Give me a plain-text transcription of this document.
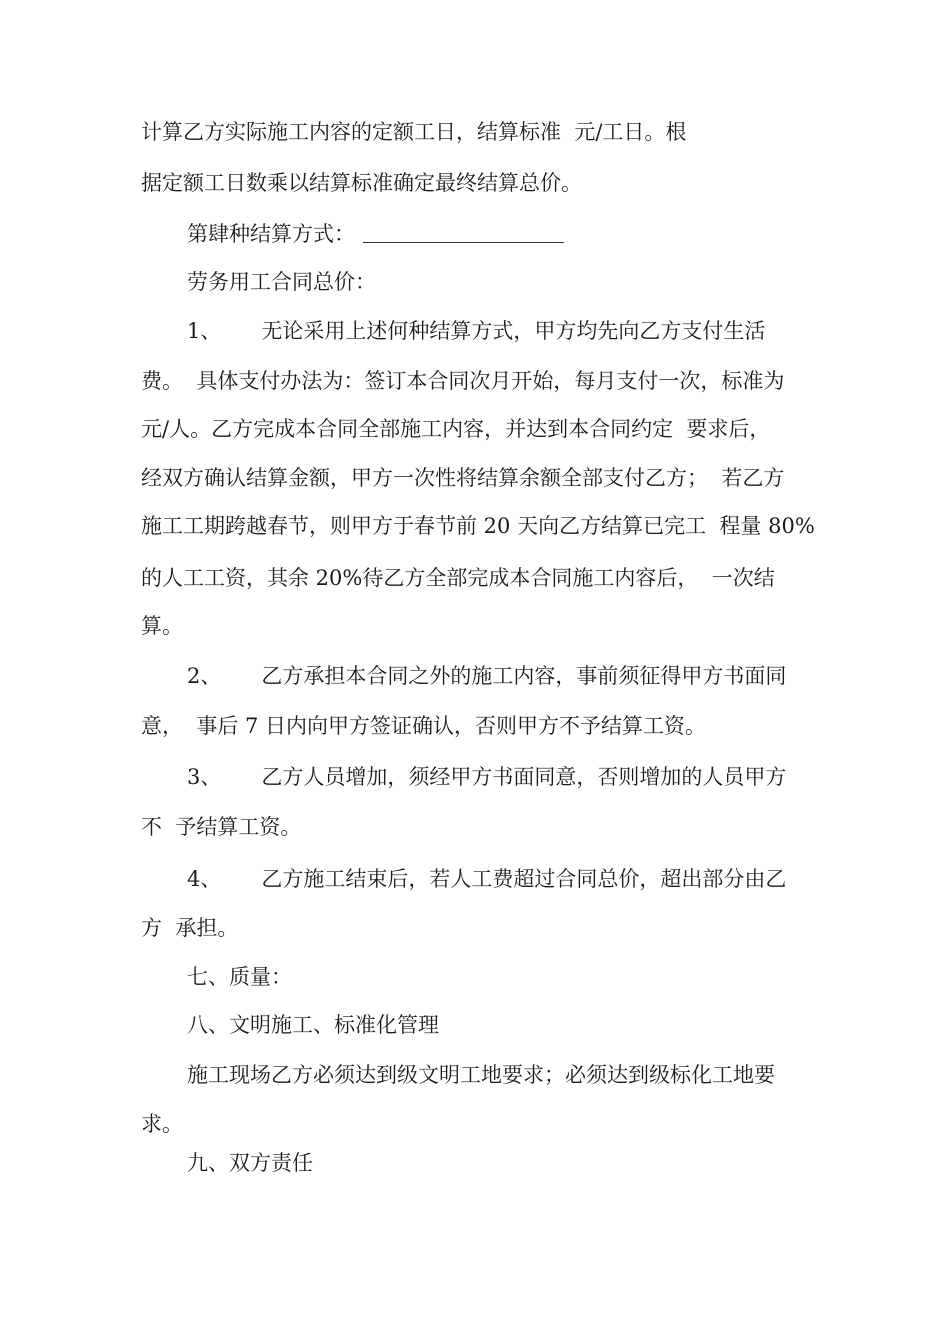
计算乙方实际施工内容的定额工日，结算标准  元/工日。根

据定额工日数乘以结算标准确定最终结算总价。

第肆种结算方式：

劳务用工合同总价：

1、      无论采用上述何种结算方式，甲方均先向乙方支付生活

费。  具体支付办法为：签订本合同次月开始，每月支付一次，标准为

元/人。乙方完成本合同全部施工内容，并达到本合同约定  要求后，

经双方确认结算金额，甲方一次性将结算余额全部支付乙方；  若乙方

施工工期跨越春节，则甲方于春节前 20 天向乙方结算已完工  程量 80%

的人工工资，其余 20%待乙方全部完成本合同施工内容后，  一次结

算。

2、      乙方承担本合同之外的施工内容，事前须征得甲方书面同

意，  事后 7 日内向甲方签证确认，否则甲方不予结算工资。

3、      乙方人员增加，须经甲方书面同意，否则增加的人员甲方

不  予结算工资。

4、      乙方施工结束后，若人工费超过合同总价，超出部分由乙

方  承担。

七、质量：

八、文明施工、标准化管理

施工现场乙方必须达到级文明工地要求；必须达到级标化工地要

求。

九、双方责任
